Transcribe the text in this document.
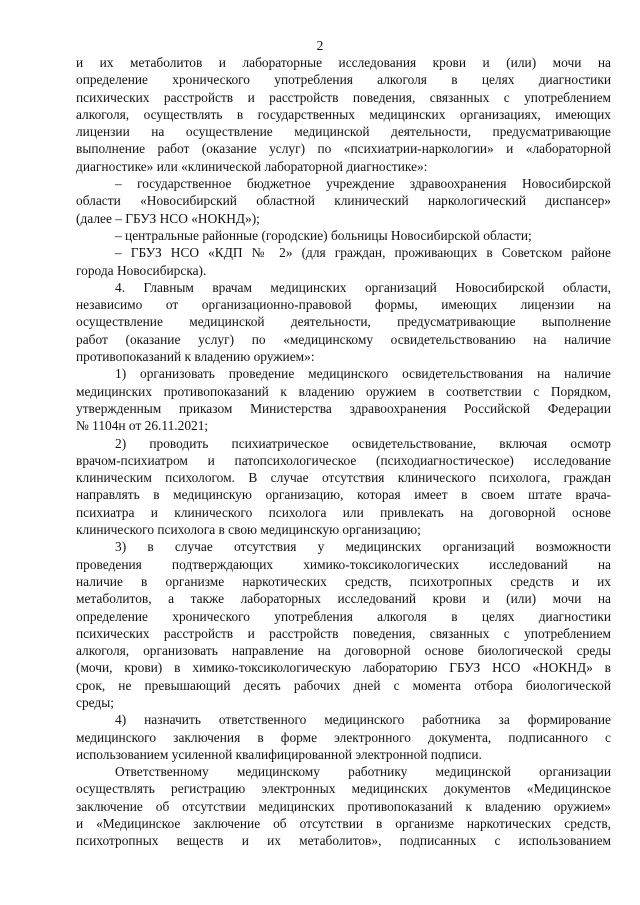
2
и их метаболитов и лабораторные исследования крови и (или) мочи на
определение хронического употребления алкоголя в целях диагностики
психических расстройств и расстройств поведения, связанных с употреблением
алкоголя, осуществлять в государственных медицинских организациях, имеющих
лицензии на осуществление медицинской деятельности, предусматривающие
выполнение работ (оказание услуг) по «психиатрии-наркологии» и «лабораторной
диагностике» или «клинической лабораторной диагностике»:
– государственное бюджетное учреждение здравоохранения Новосибирской
области «Новосибирский областной клинический наркологический диспансер»
(далее – ГБУЗ НСО «НОКНД»);
– центральные районные (городские) больницы Новосибирской области;
– ГБУЗ НСО «КДП № 2» (для граждан, проживающих в Советском районе
города Новосибирска).
4. Главным врачам медицинских организаций Новосибирской области,
независимо от организационно-правовой формы, имеющих лицензии на
осуществление медицинской деятельности, предусматривающие выполнение
работ (оказание услуг) по «медицинскому освидетельствованию на наличие
противопоказаний к владению оружием»:
1) организовать проведение медицинского освидетельствования на наличие
медицинских противопоказаний к владению оружием в соответствии с Порядком,
утвержденным приказом Министерства здравоохранения Российской Федерации
№ 1104н от 26.11.2021;
2) проводить психиатрическое освидетельствование, включая осмотр
врачом-психиатром и патопсихологическое (психодиагностическое) исследование
клиническим психологом. В случае отсутствия клинического психолога, граждан
направлять в медицинскую организацию, которая имеет в своем штате врача-
психиатра и клинического психолога или привлекать на договорной основе
клинического психолога в свою медицинскую организацию;
3) в случае отсутствия у медицинских организаций возможности
проведения подтверждающих химико-токсикологических исследований на
наличие в организме наркотических средств, психотропных средств и их
метаболитов, а также лабораторных исследований крови и (или) мочи на
определение хронического употребления алкоголя в целях диагностики
психических расстройств и расстройств поведения, связанных с употреблением
алкоголя, организовать направление на договорной основе биологической среды
(мочи, крови) в химико-токсикологическую лабораторию ГБУЗ НСО «НОКНД» в
срок, не превышающий десять рабочих дней с момента отбора биологической
среды;
4) назначить ответственного медицинского работника за формирование
медицинского заключения в форме электронного документа, подписанного с
использованием усиленной квалифицированной электронной подписи.
Ответственному медицинскому работнику медицинской организации
осуществлять регистрацию электронных медицинских документов «Медицинское
заключение об отсутствии медицинских противопоказаний к владению оружием»
и «Медицинское заключение об отсутствии в организме наркотических средств,
психотропных веществ и их метаболитов», подписанных с использованием
